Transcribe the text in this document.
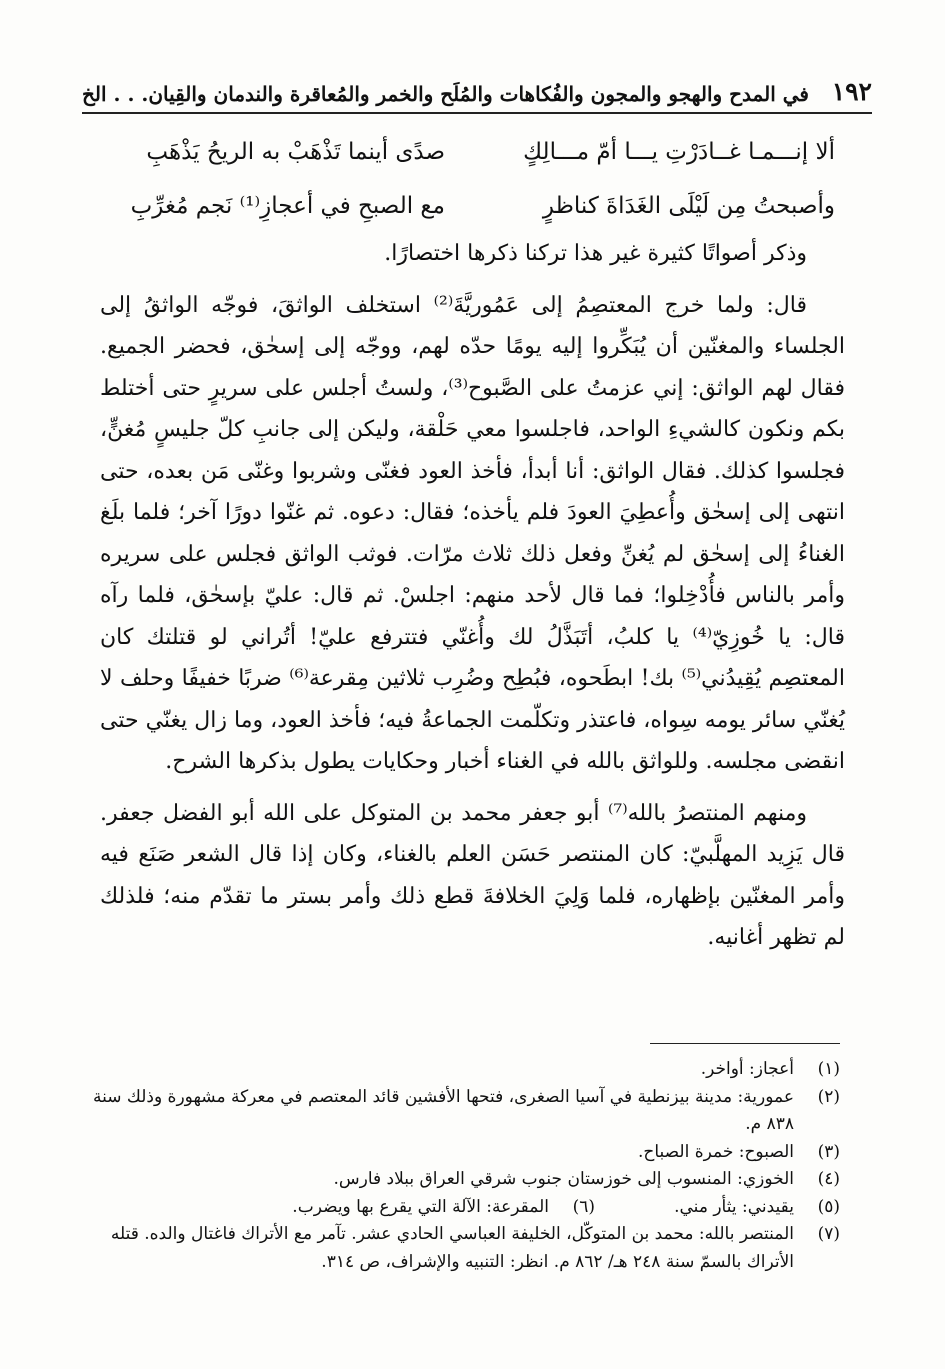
١٩٢
في المدح والهجو والمجون والفُكاهات والمُلَح والخمر والمُعاقرة والندمان والقِيان. . . الخ
ألا إنـــمـا غــادَرْتِ يـــا أمّ مـــالِكٍ
صدًى أينما تَذْهَبْ به الريحُ يَذْهَبِ
وأصبحتُ مِن لَيْلَى الغَدَاةَ كناظرٍ
مع الصبحِ في أعجازِ⁽¹⁾ نَجم مُغرِّبِ

وذكر أصواتًا كثيرة غير هذا تركنا ذكرها اختصارًا.

قال: ولما خرج المعتصِمُ إلى عَمُوريَّةَ⁽²⁾ استخلف الواثقَ، فوجّه الواثقُ إلى الجلساء والمغنّين أن يُبَكِّروا إليه يومًا حدّه لهم، ووجّه إلى إسحٰق، فحضر الجميع. فقال لهم الواثق: إني عزمتُ على الصَّبوح⁽³⁾، ولستُ أجلس على سريرٍ حتى أختلط بكم ونكون كالشيءِ الواحد، فاجلسوا معي حَلْقة، وليكن إلى جانبِ كلّ جليسٍ مُغنٍّ، فجلسوا كذلك. فقال الواثق: أنا أبدأ، فأخذ العود فغنّى وشربوا وغنّى مَن بعده، حتى انتهى إلى إسحٰق وأُعطِيَ العودَ فلم يأخذه؛ فقال: دعوه. ثم غنّوا دورًا آخر؛ فلما بلَغ الغناءُ إلى إسحٰق لم يُغنِّ وفعل ذلك ثلاث مرّات. فوثب الواثق فجلس على سريره وأمر بالناس فأُدْخِلوا؛ فما قال لأحد منهم: اجلسْ. ثم قال: عليّ بإسحٰق، فلما رآه قال: يا خُوزِيّ⁽⁴⁾ يا كلبُ، أتَبَذَّلُ لك وأُغنّي فتترفع عليّ! أتُراني لو قتلتك كان المعتصِم يُقِيدُني⁽⁵⁾ بك! ابطَحوه، فبُطِح وضُرِب ثلاثين مِقرعة⁽⁶⁾ ضربًا خفيفًا وحلف لا يُغنّي سائر يومه سِواه، فاعتذر وتكلّمت الجماعةُ فيه؛ فأخذ العود، وما زال يغنّي حتى انقضى مجلسه. وللواثق بالله في الغناء أخبار وحكايات يطول بذكرها الشرح.

ومنهم المنتصرُ بالله⁽⁷⁾ أبو جعفر محمد بن المتوكل على الله أبو الفضل جعفر. قال يَزِيد المهلَّبيّ: كان المنتصر حَسَن العلم بالغناء، وكان إذا قال الشعر صَنَع فيه وأمر المغنّين بإظهاره، فلما وَلِيَ الخلافةَ قطع ذلك وأمر بستر ما تقدّم منه؛ فلذلك لم تظهر أغانيه.

(١)
أعجاز: أواخر.
(٢)
عمورية: مدينة بيزنطية في آسيا الصغرى، فتحها الأفشين قائد المعتصم في معركة مشهورة وذلك سنة ٨٣٨ م.
(٣)
الصبوح: خمرة الصباح.
(٤)
الخوزي: المنسوب إلى خوزستان جنوب شرقي العراق ببلاد فارس.
(٥)
يقيدني: يثأر مني.
(٦)
المقرعة: الآلة التي يقرع بها ويضرب.
(٧)
المنتصر بالله: محمد بن المتوكّل، الخليفة العباسي الحادي عشر. تآمر مع الأتراك فاغتال والده. قتله الأتراك بالسمّ سنة ٢٤٨ هـ/ ٨٦٢ م. انظر: التنبيه والإشراف، ص ٣١٤.
